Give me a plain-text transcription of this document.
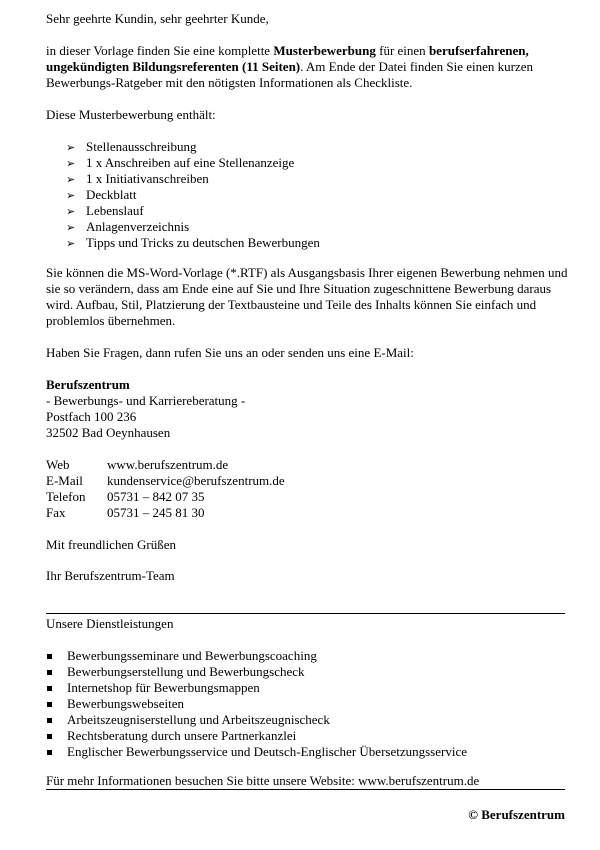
Sehr geehrte Kundin, sehr geehrter Kunde,

in dieser Vorlage finden Sie eine komplette Musterbewerbung für einen berufserfahrenen, ungekündigten Bildungsreferenten (11 Seiten). Am Ende der Datei finden Sie einen kurzen Bewerbungs-Ratgeber mit den nötigsten Informationen als Checkliste.

Diese Musterbewerbung enthält:

➢ Stellenausschreibung
➢ 1 x Anschreiben auf eine Stellenanzeige
➢ 1 x Initiativanschreiben
➢ Deckblatt
➢ Lebenslauf
➢ Anlagenverzeichnis
➢ Tipps und Tricks zu deutschen Bewerbungen

Sie können die MS-Word-Vorlage (*.RTF) als Ausgangsbasis Ihrer eigenen Bewerbung nehmen und sie so verändern, dass am Ende eine auf Sie und Ihre Situation zugeschnittene Bewerbung daraus wird. Aufbau, Stil, Platzierung der Textbausteine und Teile des Inhalts können Sie einfach und problemlos übernehmen.

Haben Sie Fragen, dann rufen Sie uns an oder senden uns eine E-Mail:

Berufszentrum
- Bewerbungs- und Karriereberatung -
Postfach 100 236
32502 Bad Oeynhausen
Web	www.berufszentrum.de
E-Mail kundenservice@berufszentrum.de
Telefon 05731 – 842 07 35
Fax	05731 – 245 81 30

Mit freundlichen Grüßen

Ihr Berufszentrum-Team

Unsere Dienstleistungen

Bewerbungsseminare und Bewerbungscoaching
Bewerbungserstellung und Bewerbungscheck
Internetshop für Bewerbungsmappen
Bewerbungswebseiten
Arbeitszeugniserstellung und Arbeitszeugnischeck
Rechtsberatung durch unsere Partnerkanzlei
Englischer Bewerbungsservice und Deutsch-Englischer Übersetzungsservice

Für mehr Informationen besuchen Sie bitte unsere Website: www.berufszentrum.de

© Berufszentrum
